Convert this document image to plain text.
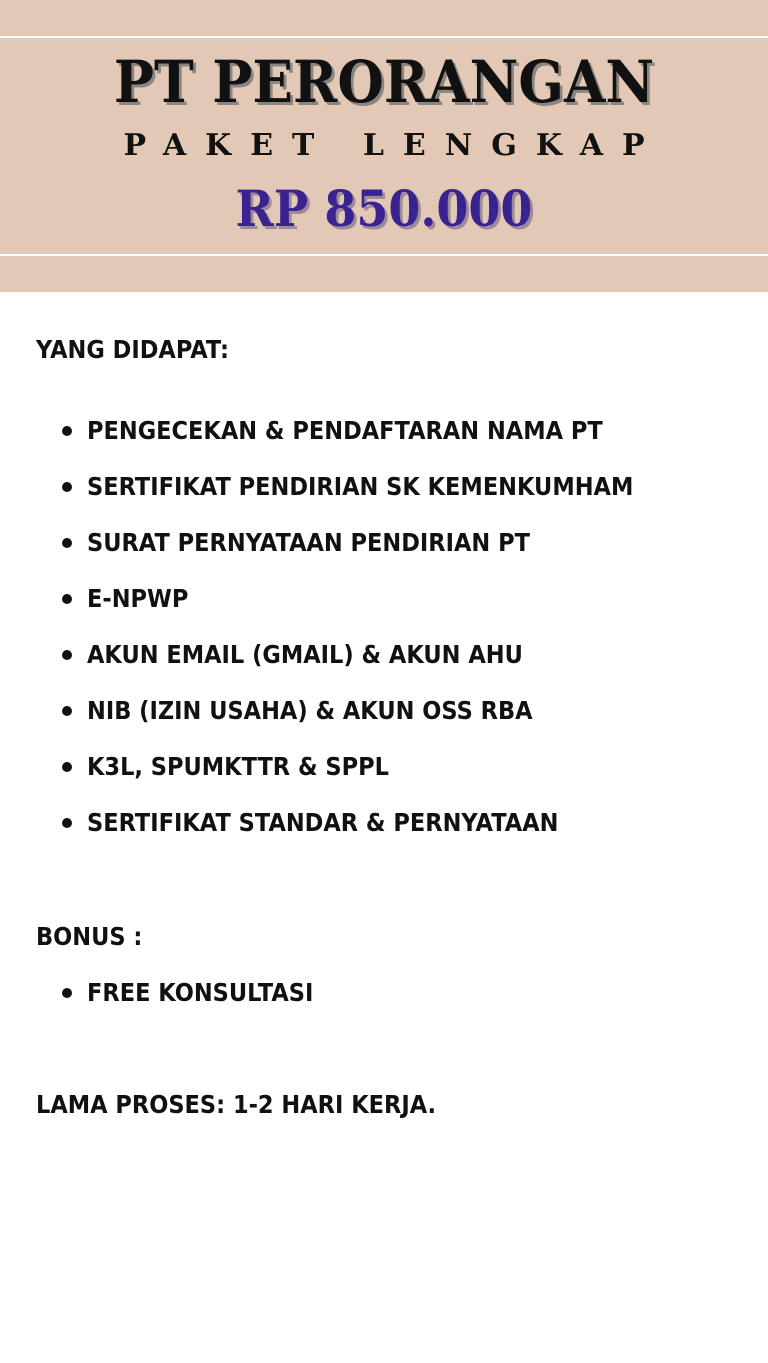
PT PERORANGAN
PAKET LENGKAP
RP 850.000
YANG DIDAPAT:
PENGECEKAN & PENDAFTARAN NAMA PT
SERTIFIKAT PENDIRIAN SK KEMENKUMHAM
SURAT PERNYATAAN PENDIRIAN PT
E-NPWP
AKUN EMAIL (GMAIL) & AKUN AHU
NIB (IZIN USAHA) & AKUN OSS RBA
K3L, SPUMKTTR & SPPL
SERTIFIKAT STANDAR & PERNYATAAN
BONUS :
FREE KONSULTASI
LAMA PROSES: 1-2 HARI KERJA.
